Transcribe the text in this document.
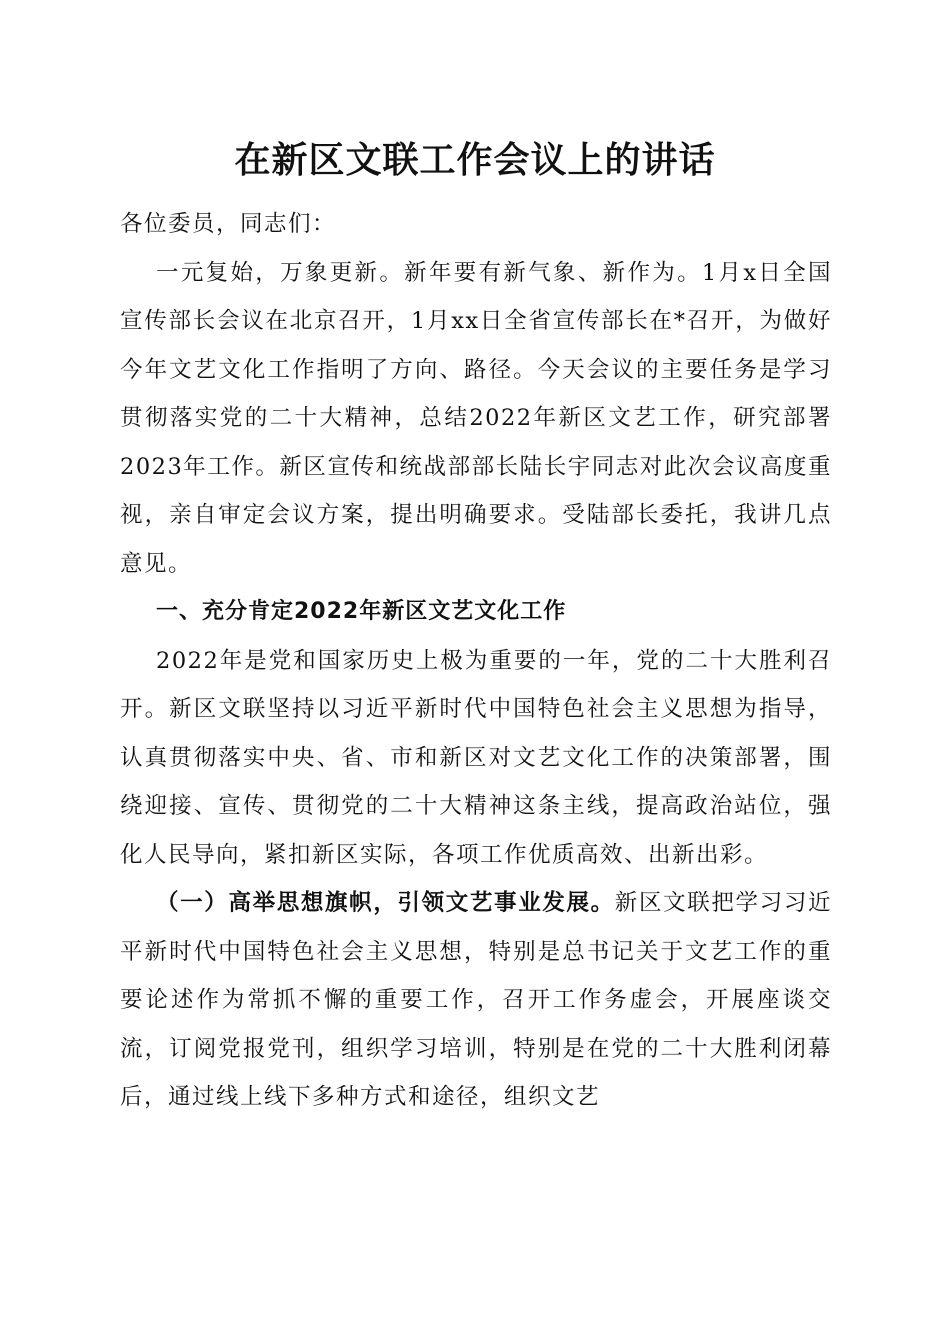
在新区文联工作会议上的讲话

各位委员，同志们：

一元复始，万象更新。新年要有新气象、新作为。1月x日全国宣传部长会议在北京召开，1月xx日全省宣传部长在*召开，为做好今年文艺文化工作指明了方向、路径。今天会议的主要任务是学习贯彻落实党的二十大精神，总结2022年新区文艺工作，研究部署2023年工作。新区宣传和统战部部长陆长宇同志对此次会议高度重视，亲自审定会议方案，提出明确要求。受陆部长委托，我讲几点意见。

一、充分肯定2022年新区文艺文化工作

2022年是党和国家历史上极为重要的一年，党的二十大胜利召开。新区文联坚持以习近平新时代中国特色社会主义思想为指导，认真贯彻落实中央、省、市和新区对文艺文化工作的决策部署，围绕迎接、宣传、贯彻党的二十大精神这条主线，提高政治站位，强化人民导向，紧扣新区实际，各项工作优质高效、出新出彩。

（一）高举思想旗帜，引领文艺事业发展。新区文联把学习习近平新时代中国特色社会主义思想，特别是总书记关于文艺工作的重要论述作为常抓不懈的重要工作，召开工作务虚会，开展座谈交流，订阅党报党刊，组织学习培训，特别是在党的二十大胜利闭幕后，通过线上线下多种方式和途径，组织文艺
